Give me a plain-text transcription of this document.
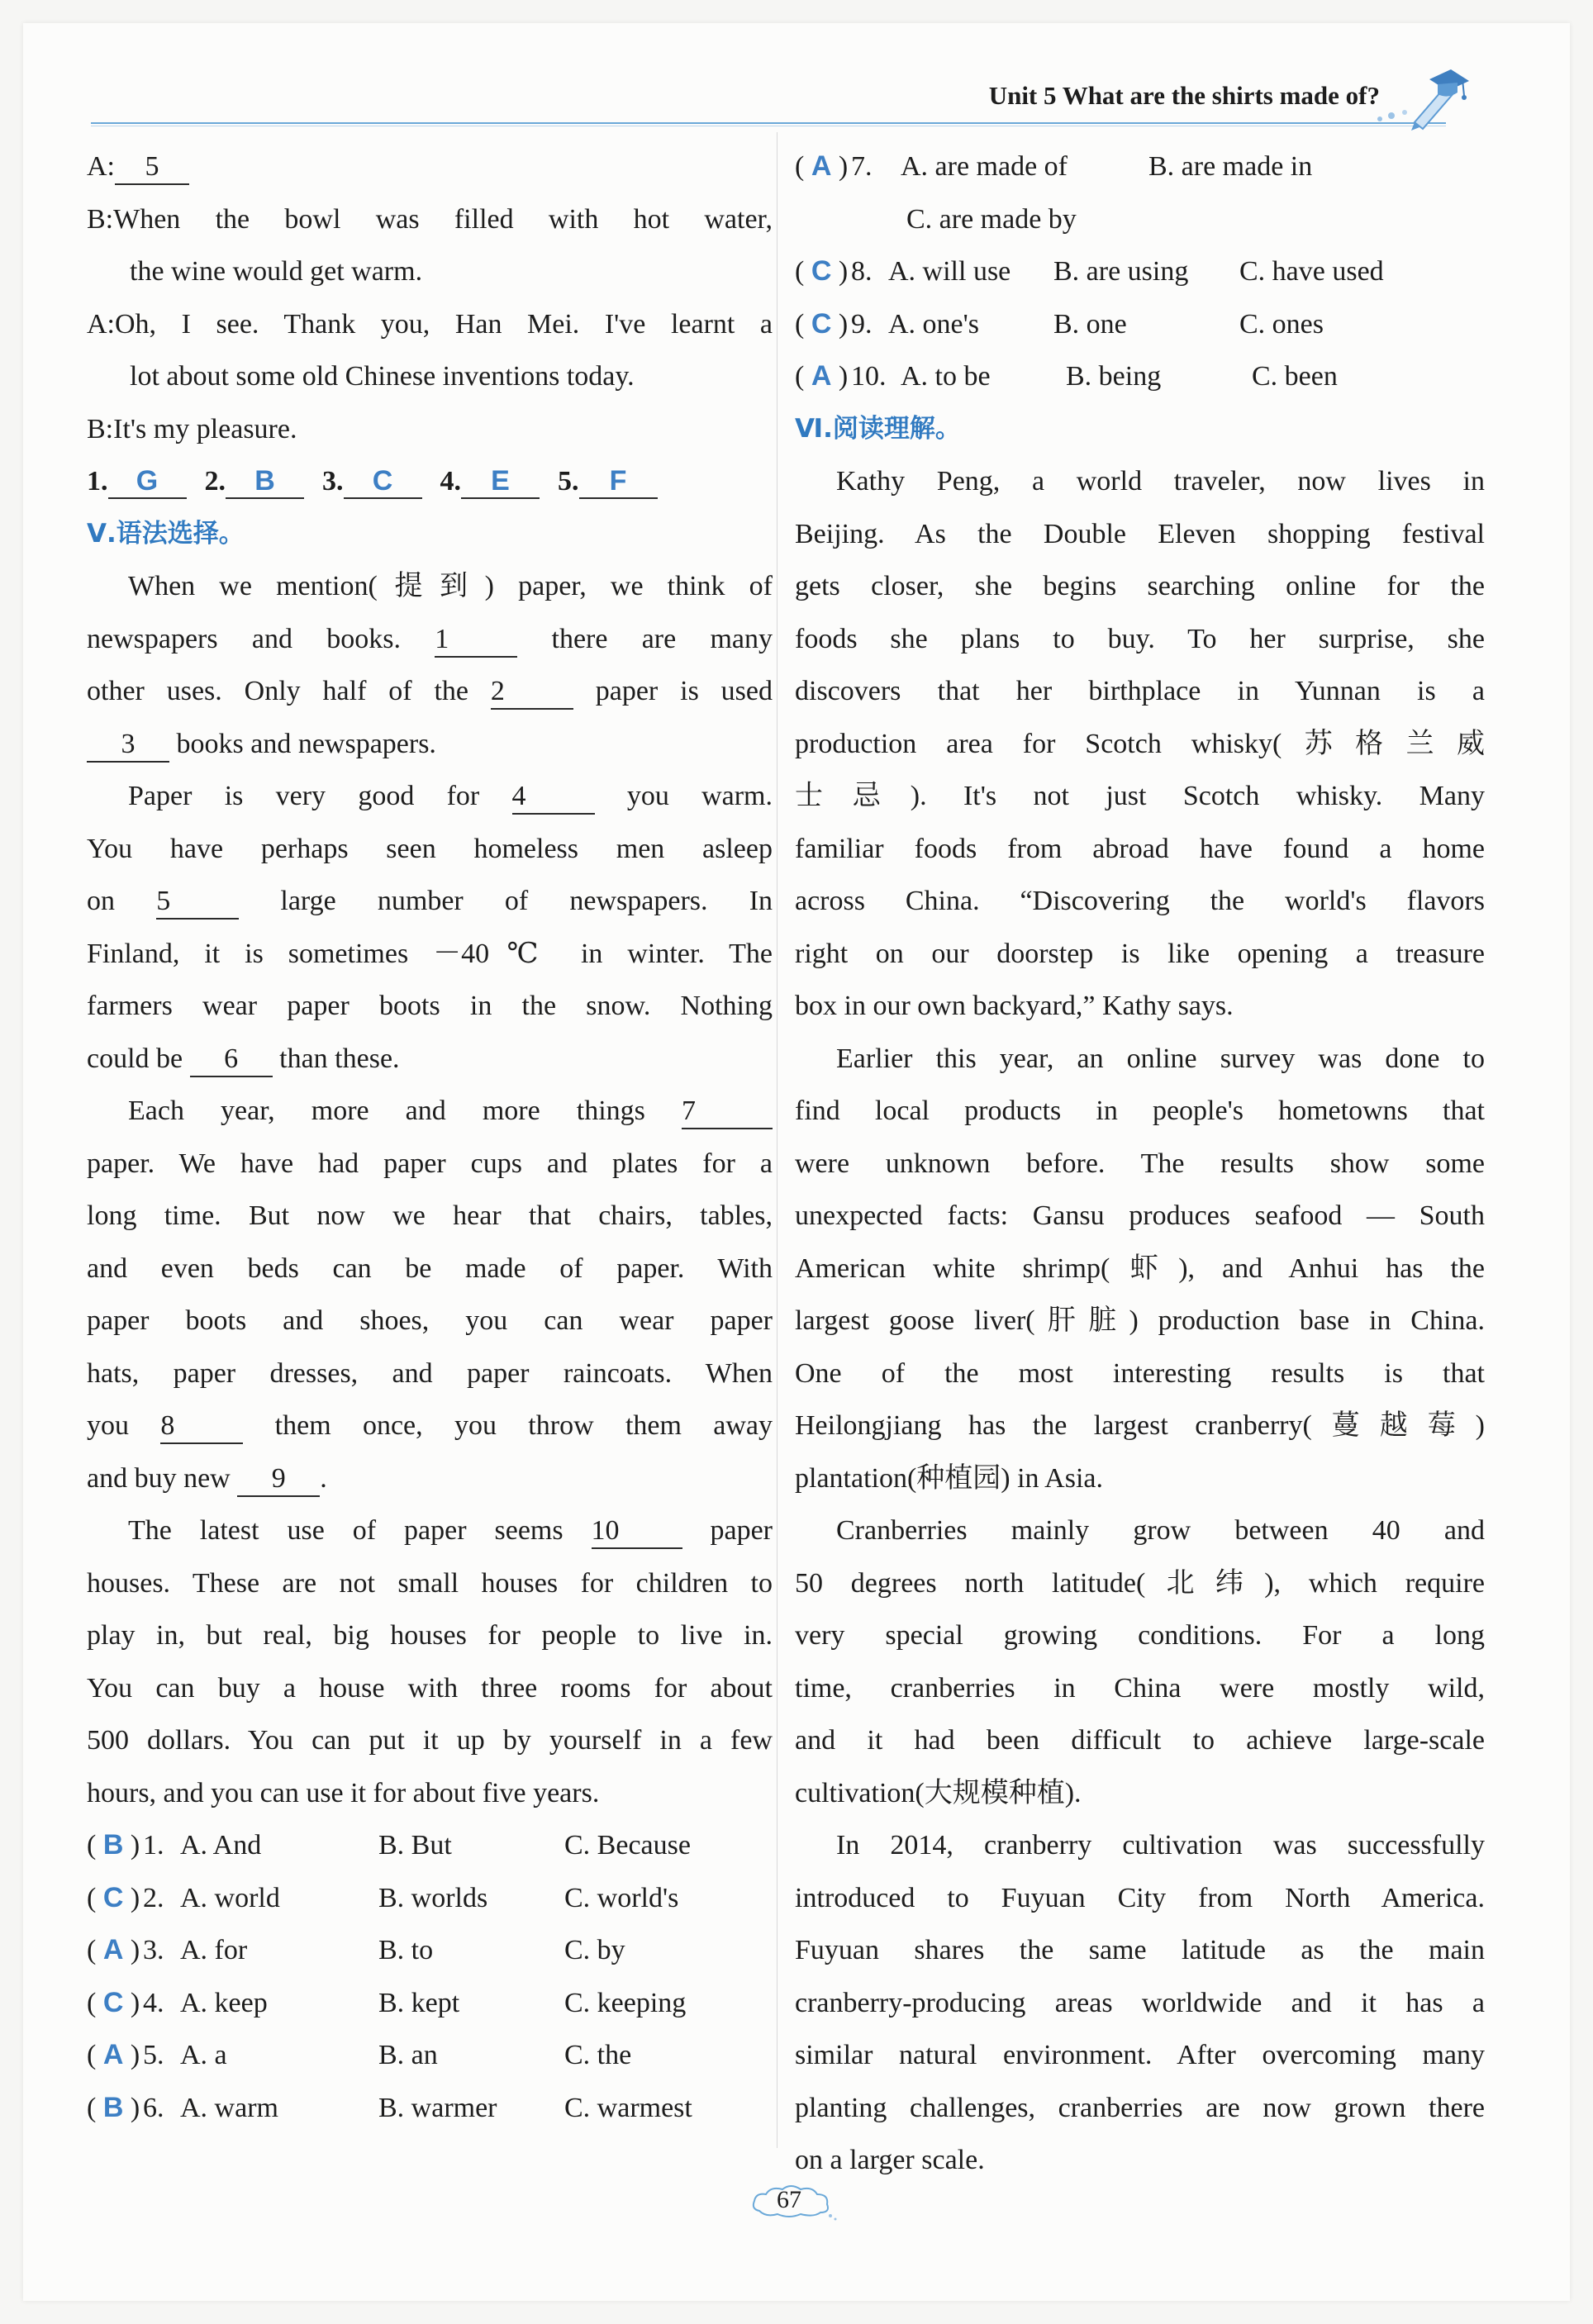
Unit 5 What are the shirts made of?
A: 5
B:When the bowl was filled with hot water,
the wine would get warm.
A:Oh, I see. Thank you, Han Mei. I've learnt a
lot about some old Chinese inventions today.
B:It's my pleasure.
1. G 2. B 3. C 4. E 5. F
Ⅴ.语法选择。
When we mention(提到) paper, we think of
newspapers and books. 1	there are many
other uses. Only half of the 2	paper is used
3 books and newspapers.
Paper is very good for 4	you warm.
You have perhaps seen homeless men asleep
on 5	large number of newspapers. In
Finland, it is sometimes －40℃ in winter. The
farmers wear paper boots in the snow. Nothing
could be 6 than these.
Each year, more and more things 7
paper. We have had paper cups and plates for a
long time. But now we hear that chairs, tables,
and even beds can be made of paper. With
paper boots and shoes, you can wear paper
hats, paper dresses, and paper raincoats. When
you 8	them once, you throw them away
and buy new 9 .
The latest use of paper seems 10	paper
houses. These are not small houses for children to
play in, but real, big houses for people to live in.
You can buy a house with three rooms for about
500 dollars. You can put it up by yourself in a few
hours, and you can use it for about five years.
( B ) 1. A. And	B. But	C. Because
( C ) 2. A. world	B. worlds	C. world's
( A ) 3. A. for	B. to	C. by
( C ) 4. A. keep	B. kept	C. keeping
( A ) 5. A. a	B. an	C. the
( B ) 6. A. warm	B. warmer C. warmest
( A ) 7. A. are made of	B. are made in
C. are made by
( C ) 8. A. will use B. are using C. have used
( C ) 9. A. one's	B. one	C. ones
( A ) 10. A. to be	B. being	C. been
Ⅵ.阅读理解。
Kathy Peng, a world traveler, now lives in
Beijing. As the Double Eleven shopping festival
gets closer, she begins searching online for the
foods she plans to buy. To her surprise, she
discovers that her birthplace in Yunnan is a
production area for Scotch whisky(苏格兰威
士忌). It's not just Scotch whisky. Many
familiar foods from abroad have found a home
across China. “Discovering the world's flavors
right on our doorstep is like opening a treasure
box in our own backyard,” Kathy says.
Earlier this year, an online survey was done to
find local products in people's hometowns that
were unknown before. The results show some
unexpected facts: Gansu produces seafood — South
American white shrimp(虾), and Anhui has the
largest goose liver(肝脏) production base in China.
One of the most interesting results is that
Heilongjiang has the largest cranberry(蔓越莓)
plantation(种植园) in Asia.
Cranberries mainly grow between 40 and
50 degrees north latitude(北纬), which require
very special growing conditions. For a long
time, cranberries in China were mostly wild,
and it had been difficult to achieve large-scale
cultivation(大规模种植).
In 2014, cranberry cultivation was successfully
introduced to Fuyuan City from North America.
Fuyuan shares the same latitude as the main
cranberry-producing areas worldwide and it has a
similar natural environment. After overcoming many
planting challenges, cranberries are now grown there
on a larger scale.
67
